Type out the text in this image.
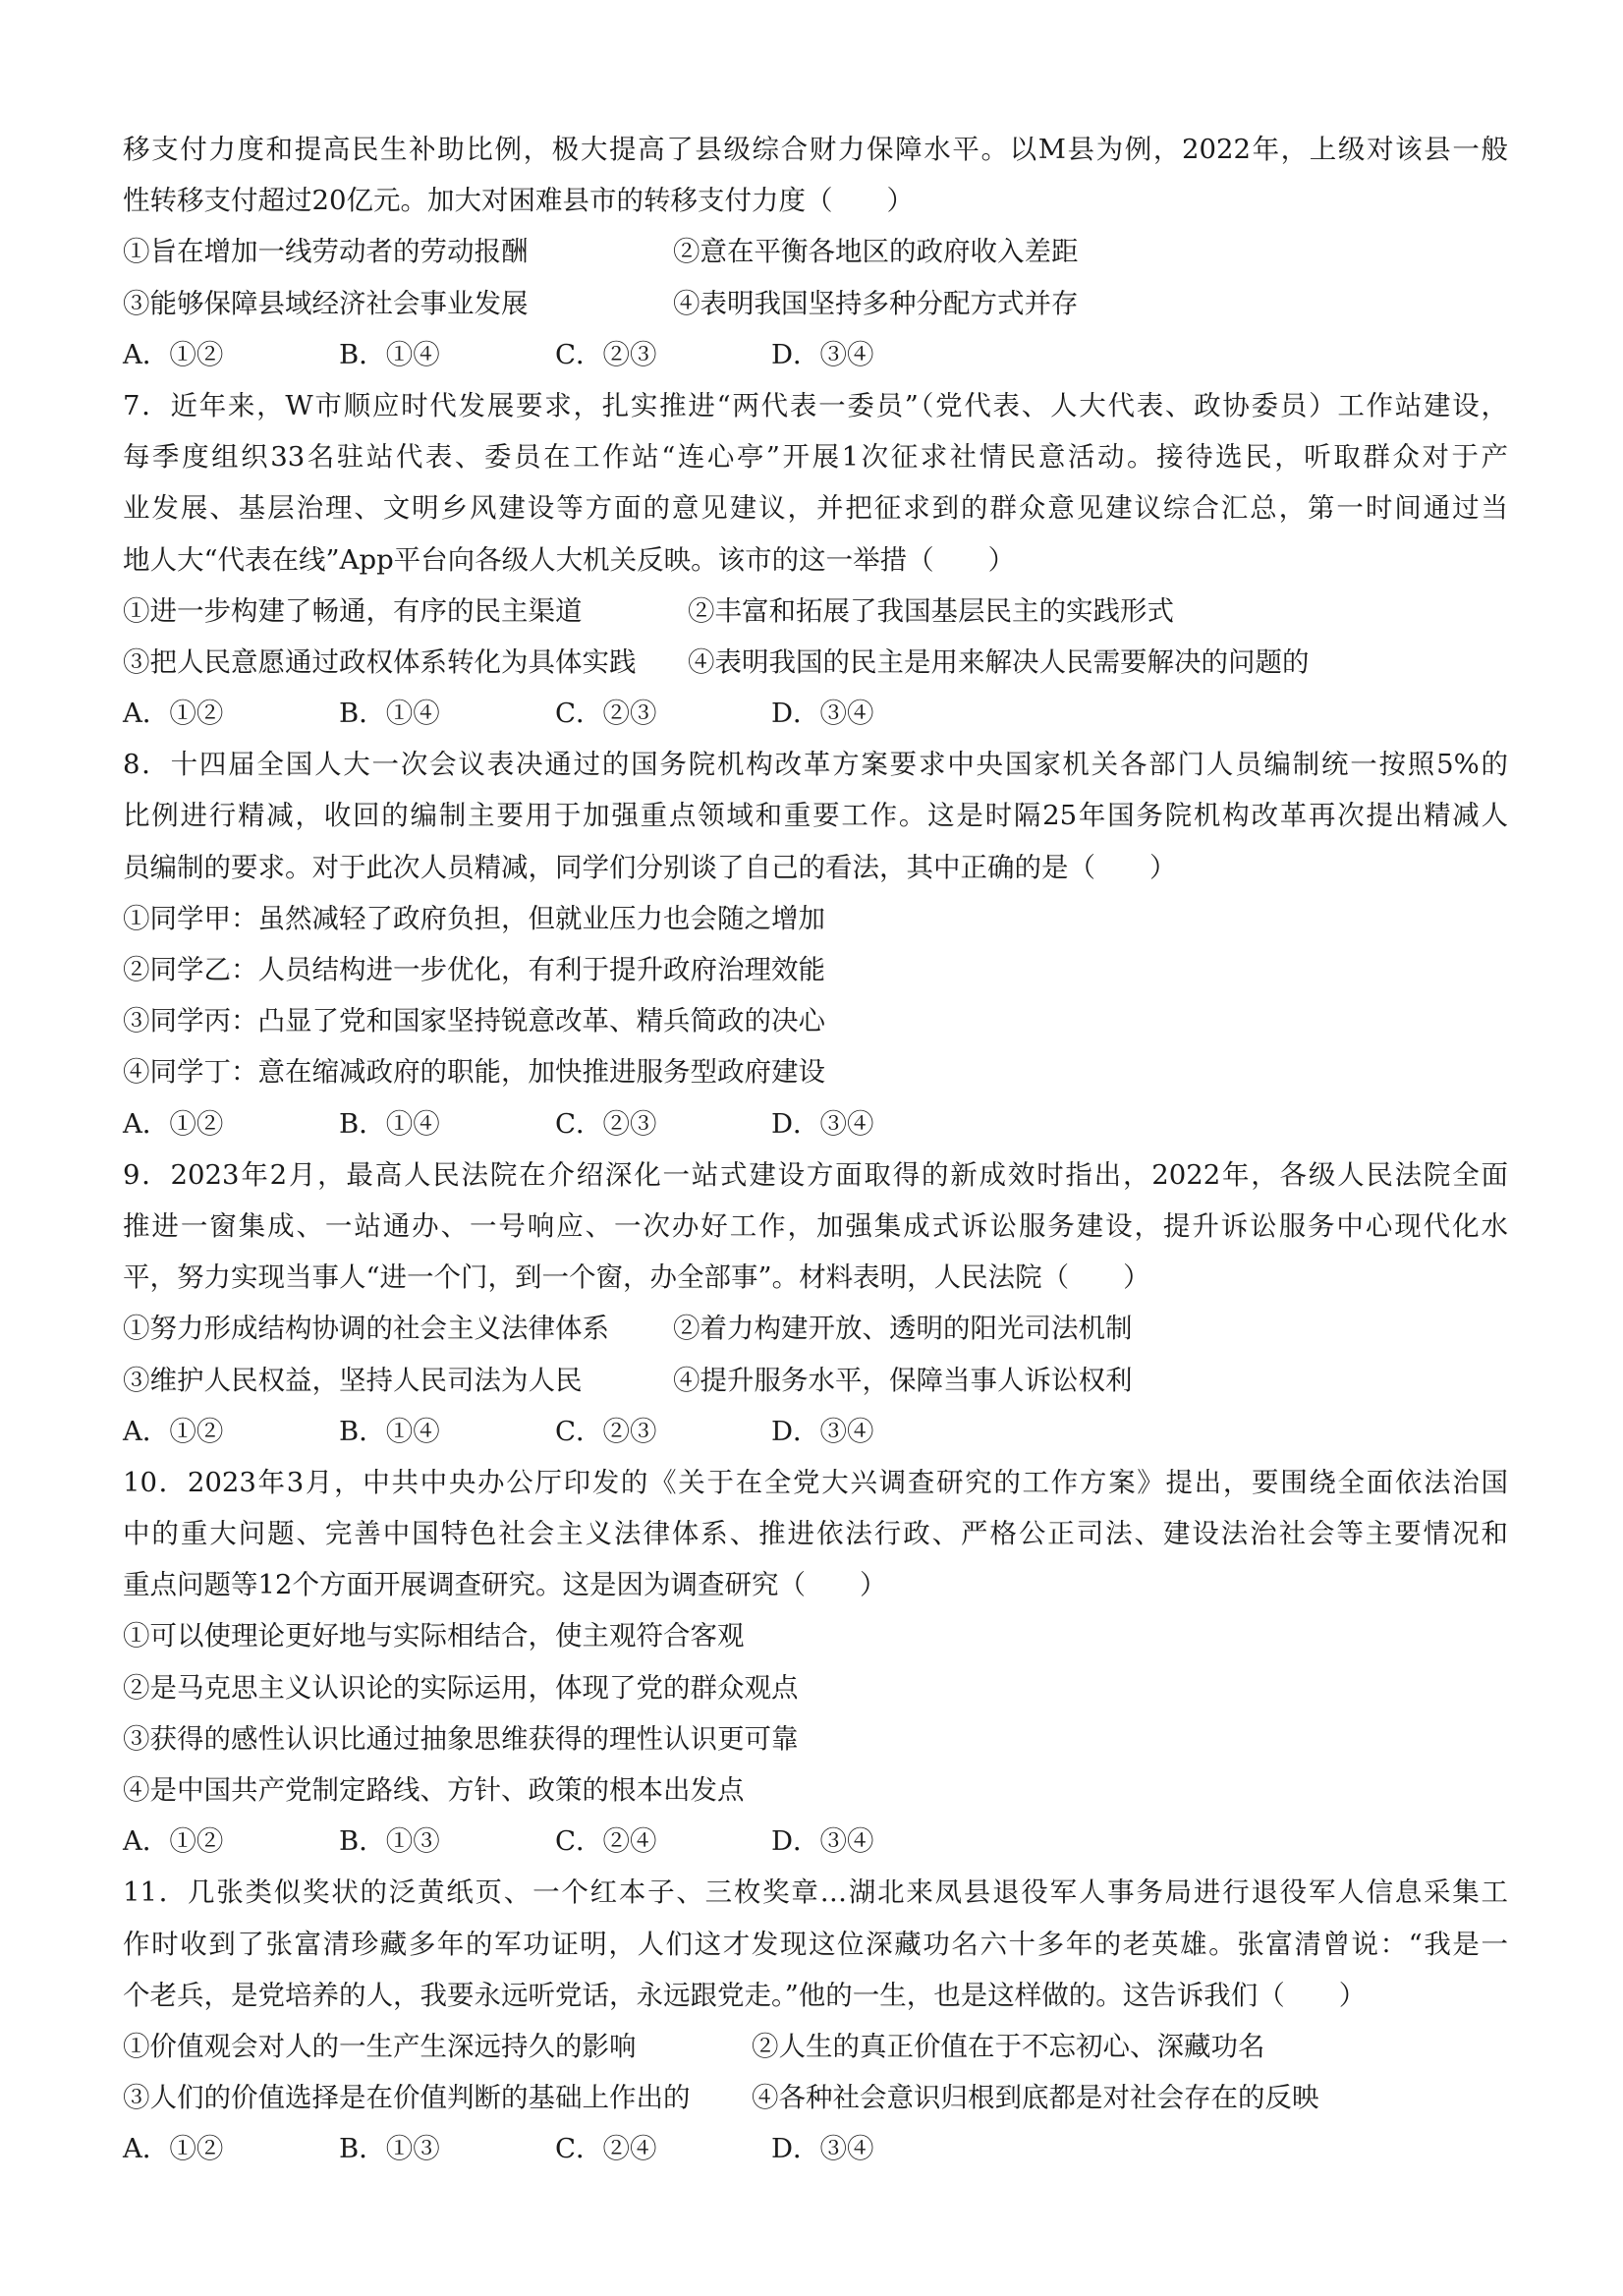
移支付力度和提高民生补助比例，极大提高了县级综合财力保障水平。以M县为例，2022年，上级对该县一般
性转移支付超过20亿元。加大对困难县市的转移支付力度（　　）
①旨在增加一线劳动者的劳动报酬	②意在平衡各地区的政府收入差距
③能够保障县域经济社会事业发展	④表明我国坚持多种分配方式并存
A．①②	B．①④	C．②③	D．③④
7．近年来，W市顺应时代发展要求，扎实推进“两代表一委员”（党代表、人大代表、政协委员）工作站建设，
每季度组织33名驻站代表、委员在工作站“连心亭”开展1次征求社情民意活动。接待选民，听取群众对于产
业发展、基层治理、文明乡风建设等方面的意见建议，并把征求到的群众意见建议综合汇总，第一时间通过当
地人大“代表在线”App平台向各级人大机关反映。该市的这一举措（　　）
①进一步构建了畅通，有序的民主渠道	②丰富和拓展了我国基层民主的实践形式
③把人民意愿通过政权体系转化为具体实践 ④表明我国的民主是用来解决人民需要解决的问题的
A．①②	B．①④	C．②③	D．③④
8．十四届全国人大一次会议表决通过的国务院机构改革方案要求中央国家机关各部门人员编制统一按照5%的
比例进行精减，收回的编制主要用于加强重点领域和重要工作。这是时隔25年国务院机构改革再次提出精减人
员编制的要求。对于此次人员精减，同学们分别谈了自己的看法，其中正确的是（　　）
①同学甲：虽然减轻了政府负担，但就业压力也会随之增加
②同学乙：人员结构进一步优化，有利于提升政府治理效能
③同学丙：凸显了党和国家坚持锐意改革、精兵简政的决心
④同学丁：意在缩减政府的职能，加快推进服务型政府建设
A．①②	B．①④	C．②③	D．③④
9．2023年2月，最高人民法院在介绍深化一站式建设方面取得的新成效时指出，2022年，各级人民法院全面
推进一窗集成、一站通办、一号响应、一次办好工作，加强集成式诉讼服务建设，提升诉讼服务中心现代化水
平，努力实现当事人“进一个门，到一个窗，办全部事”。材料表明，人民法院（　　）
①努力形成结构协调的社会主义法律体系 ②着力构建开放、透明的阳光司法机制
③维护人民权益，坚持人民司法为人民	④提升服务水平，保障当事人诉讼权利
A．①②	B．①④	C．②③	D．③④
10．2023年3月，中共中央办公厅印发的《关于在全党大兴调查研究的工作方案》提出，要围绕全面依法治国
中的重大问题、完善中国特色社会主义法律体系、推进依法行政、严格公正司法、建设法治社会等主要情况和
重点问题等12个方面开展调查研究。这是因为调查研究（　　）
①可以使理论更好地与实际相结合，使主观符合客观
②是马克思主义认识论的实际运用，体现了党的群众观点
③获得的感性认识比通过抽象思维获得的理性认识更可靠
④是中国共产党制定路线、方针、政策的根本出发点
A．①②	B．①③	C．②④	D．③④
11．几张类似奖状的泛黄纸页、一个红本子、三枚奖章…湖北来凤县退役军人事务局进行退役军人信息采集工
作时收到了张富清珍藏多年的军功证明，人们这才发现这位深藏功名六十多年的老英雄。张富清曾说：“我是一
个老兵，是党培养的人，我要永远听党话，永远跟党走。”他的一生，也是这样做的。这告诉我们（　　）
①价值观会对人的一生产生深远持久的影响	②人生的真正价值在于不忘初心、深藏功名
③人们的价值选择是在价值判断的基础上作出的 ④各种社会意识归根到底都是对社会存在的反映
A．①②	B．①③	C．②④	D．③④
